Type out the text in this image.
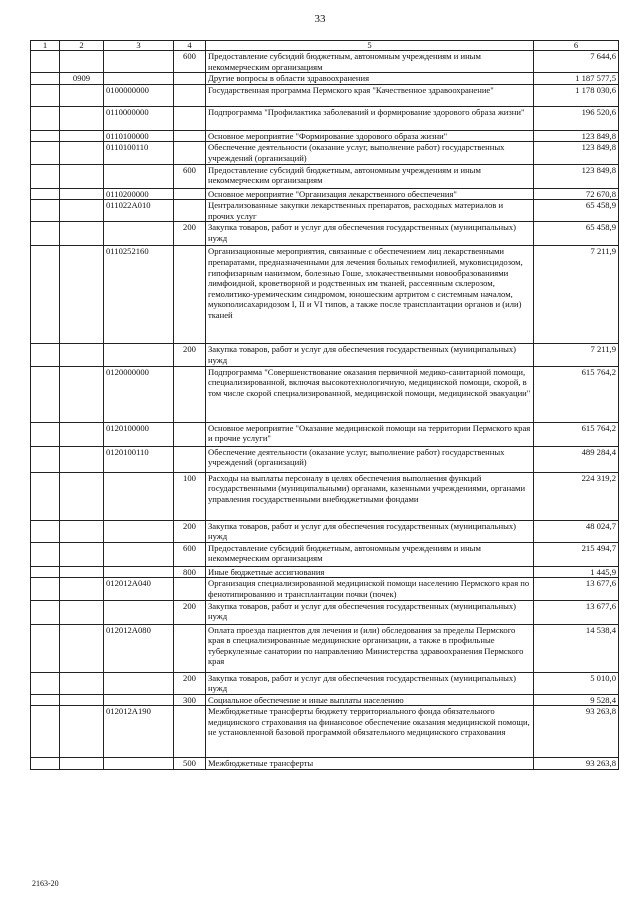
33
1	2	3	4	5	6
			600	Предоставление субсидий бюджетным, автономным учреждениям и иным некоммерческим организациям	7 644,6
	0909			Другие вопросы в области здравоохранения	1 187 577,5
		0100000000		Государственная программа Пермского края "Качественное здравоохранение"	1 178 030,6
		0110000000		Подпрограмма "Профилактика заболеваний и формирование здорового образа жизни"	196 520,6
		0110100000		Основное мероприятие "Формирование здорового образа жизни"	123 849,8
		0110100110		Обеспечение деятельности (оказание услуг, выполнение работ) государственных учреждений (организаций)	123 849,8
			600	Предоставление субсидий бюджетным, автономным учреждениям и иным некоммерческим организациям	123 849,8
		0110200000		Основное мероприятие "Организация лекарственного обеспечения"	72 670,8
		011022A010		Централизованные закупки лекарственных препаратов, расходных материалов и прочих услуг	65 458,9
			200	Закупка товаров, работ и услуг для обеспечения государственных (муниципальных) нужд	65 458,9
		0110252160		Организационные мероприятия, связанные с обеспечением лиц лекарственными препаратами, предназначенными для лечения больных гемофилией, муковисцидозом, гипофизарным нанизмом, болезнью Гоше, злокачественными новообразованиями лимфоидной, кроветворной и родственных им тканей, рассеянным склерозом, гемолитико-уремическим синдромом, юношеским артритом с системным началом, мукополисахаридозом I, II и VI типов, а также после трансплантации органов и (или) тканей	7 211,9
			200	Закупка товаров, работ и услуг для обеспечения государственных (муниципальных) нужд	7 211,9
		0120000000		Подпрограмма "Совершенствование оказания первичной медико-санитарной помощи, специализированной, включая высокотехнологичную, медицинской помощи, скорой, в том числе скорой специализированной, медицинской помощи, медицинской эвакуации"	615 764,2
		0120100000		Основное мероприятие "Оказание медицинской помощи на территории Пермского края и прочие услуги"	615 764,2
		0120100110		Обеспечение деятельности (оказание услуг, выполнение работ) государственных учреждений (организаций)	489 284,4
			100	Расходы на выплаты персоналу в целях обеспечения выполнения функций государственными (муниципальными) органами, казенными учреждениями, органами управления государственными внебюджетными фондами	224 319,2
			200	Закупка товаров, работ и услуг для обеспечения государственных (муниципальных) нужд	48 024,7
			600	Предоставление субсидий бюджетным, автономным учреждениям и иным некоммерческим организациям	215 494,7
			800	Иные бюджетные ассигнования	1 445,9
		012012A040		Организация специализированной медицинской помощи населению Пермского края по фенотипированию и трансплантации почки (почек)	13 677,6
			200	Закупка товаров, работ и услуг для обеспечения государственных (муниципальных) нужд	13 677,6
		012012A080		Оплата проезда пациентов для лечения и (или) обследования за пределы Пермского края в специализированные медицинские организации, а также в профильные туберкулезные санатории по направлению Министерства здравоохранения Пермского края	14 538,4
			200	Закупка товаров, работ и услуг для обеспечения государственных (муниципальных) нужд	5 010,0
			300	Социальное обеспечение и иные выплаты населению	9 528,4
		012012A190		Межбюджетные трансферты бюджету территориального фонда обязательного медицинского страхования на финансовое обеспечение оказания медицинской помощи, не установленной базовой программой обязательного медицинского страхования	93 263,8
			500	Межбюджетные трансферты	93 263,8
2163-20
